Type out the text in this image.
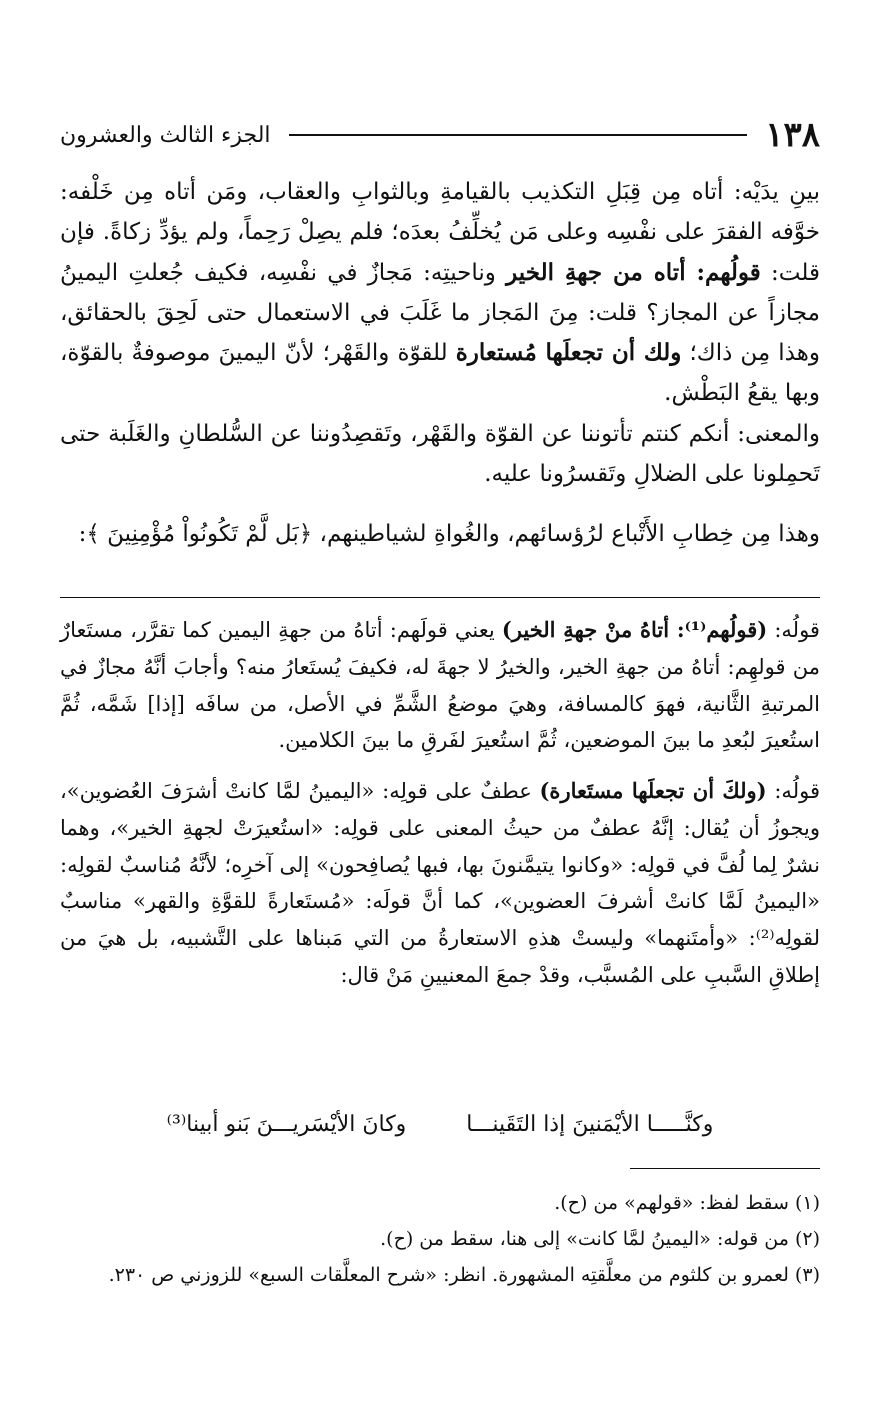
١٣٨
الجزء الثالث والعشرون

بينِ يدَيْه: أتاه مِن قِبَلِ التكذيب بالقيامةِ وبالثوابِ والعقاب، ومَن أتاه مِن خَلْفه: خوَّفه الفقرَ على نفْسِه وعلى مَن يُخلِّفُ بعدَه؛ فلم يصِلْ رَحِماً، ولم يؤدِّ زكاةً. فإن قلت: قولُهم: أتاه من جهةِ الخير وناحيتِه: مَجازٌ في نفْسِه، فكيف جُعلتِ اليمينُ مجازاً عن المجاز؟ قلت: مِنَ المَجاز ما غَلَبَ في الاستعمال حتى لَحِقَ بالحقائق، وهذا مِن ذاك؛ ولك أن تجعلَها مُستعارة للقوّة والقَهْر؛ لأنّ اليمينَ موصوفةٌ بالقوّة، وبها يقعُ البَطْش.

والمعنى: أنكم كنتم تأتوننا عن القوّة والقَهْر، وتَقصِدُوننا عن السُّلطانِ والغَلَبة حتى تَحمِلونا على الضلالِ وتَقسرُونا عليه.

وهذا مِن خِطابِ الأَتْباع لرُؤسائهم، والغُواةِ لشياطينهم، ﴿بَل لَّمْ تَكُونُواْ مُؤْمِنِينَ ﴾:

قولُه: (قولُهم⁽¹⁾: أتاهُ منْ جهةِ الخير) يعني قولَهم: أتاهُ من جهةِ اليمين كما تقرَّر، مستَعارٌ من قولهِم: أتاهُ من جهةِ الخير، والخيرُ لا جهةَ له، فكيفَ يُستَعارُ منه؟ وأجابَ أنَّهُ مجازٌ في المرتبةِ الثَّانية، فهوَ كالمسافة، وهيَ موضعُ الشَّمِّ في الأصل، من سافَه [إذا] شَمَّه، ثُمَّ استُعيرَ لبُعدِ ما بينَ الموضعين، ثُمَّ استُعيرَ لفَرقِ ما بينَ الكلامين.

قولُه: (ولكَ أن تجعلَها مستَعارة) عطفٌ على قولِه: «اليمينُ لمَّا كانتْ أشرَفَ العُضوين»، ويجوزُ أن يُقال: إنَّهُ عطفٌ من حيثُ المعنى على قولِه: «استُعيرَتْ لجهةِ الخير»، وهما نشرٌ لِما لُفَّ في قولِه: «وكانوا يتيمَّنونَ بها، فبها يُصافِحون» إلى آخرِه؛ لأنَّهُ مُناسبٌ لقولِه: «اليمينُ لَمَّا كانتْ أشرفَ العضوين»، كما أنَّ قولَه: «مُستَعارةً للقوَّةِ والقهر» مناسبٌ لقولِه⁽²⁾: «وأمتَنهما» وليستْ هذهِ الاستعارةُ من التي مَبناها على التَّشبيه، بل هيَ من إطلاقِ السَّببِ على المُسبَّب، وقدْ جمعَ المعنيينِ مَنْ قال:

وكنَّـــــا الأيْمَنينَ إذا التَقَينـــا
وكانَ الأيْسَريـــنَ بَنو أبينا⁽³⁾
(١) سقط لفظ: «قولهم» من (ح).
(٢) من قوله: «اليمينُ لمَّا كانت» إلى هنا، سقط من (ح).
(٣) لعمرو بن كلثوم من معلَّقتِه المشهورة. انظر: «شرح المعلَّقات السبع» للزوزني ص ٢٣٠.
